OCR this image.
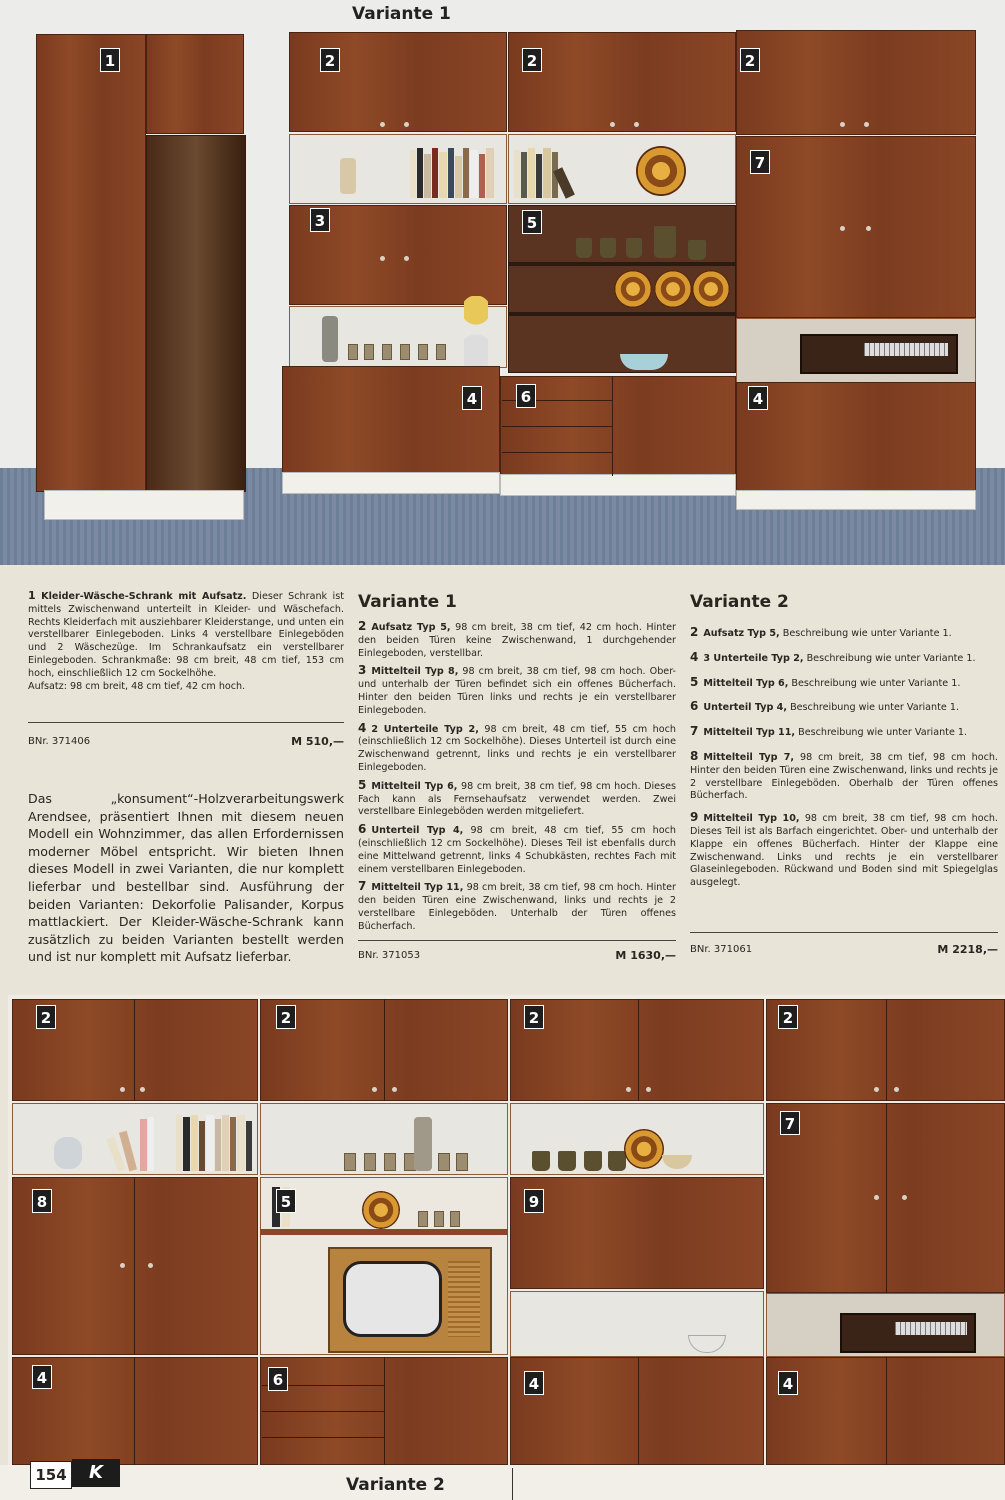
1	2	2	2
7
3	5
4	6	4
Variante 1
1 Kleider-Wäsche-Schrank mit Aufsatz. Dieser Schrank ist mittels Zwischenwand unterteilt in Kleider- und Wäschefach. Rechts Kleiderfach mit ausziehbarer Kleiderstange, und unten ein verstellbarer Einlegeboden. Links 4 verstellbare Einlegeböden und 2 Wäschezüge. Im Schrankaufsatz ein verstellbarer Einlegeboden. Schrankmaße: 98 cm breit, 48 cm tief, 153 cm hoch, einschließlich 12 cm Sockelhöhe.
Aufsatz: 98 cm breit, 48 cm tief, 42 cm hoch.
BNr. 371406	M 510,—
Das „konsument“-Holzverarbeitungswerk Arendsee, präsentiert Ihnen mit diesem neuen Modell ein Wohnzimmer, das allen Erfordernissen moderner Möbel entspricht. Wir bieten Ihnen dieses Modell in zwei Varianten, die nur komplett lieferbar und bestellbar sind. Ausführung der beiden Varianten: Dekorfolie Palisander, Korpus mattlackiert. Der Kleider-Wäsche-Schrank kann zusätzlich zu beiden Varianten bestellt werden und ist nur komplett mit Aufsatz lieferbar.
Variante 1
2 Aufsatz Typ 5, 98 cm breit, 38 cm tief, 42 cm hoch. Hinter den beiden Türen keine Zwischenwand, 1 durchgehender Einlegeboden, verstellbar.
3 Mittelteil Typ 8, 98 cm breit, 38 cm tief, 98 cm hoch. Ober- und unterhalb der Türen befindet sich ein offenes Bücherfach. Hinter den beiden Türen links und rechts je ein verstellbarer Einlegeboden.
4 2 Unterteile Typ 2, 98 cm breit, 48 cm tief, 55 cm hoch (einschließlich 12 cm Sockelhöhe). Dieses Unterteil ist durch eine Zwischenwand getrennt, links und rechts je ein verstellbarer Einlegeboden.
5 Mittelteil Typ 6, 98 cm breit, 38 cm tief, 98 cm hoch. Dieses Fach kann als Fernsehaufsatz verwendet werden. Zwei verstellbare Einlegeböden werden mitgeliefert.
6 Unterteil Typ 4, 98 cm breit, 48 cm tief, 55 cm hoch (einschließlich 12 cm Sockelhöhe). Dieses Teil ist ebenfalls durch eine Mittelwand getrennt, links 4 Schubkästen, rechtes Fach mit einem verstellbaren Einlegeboden.
7 Mittelteil Typ 11, 98 cm breit, 38 cm tief, 98 cm hoch. Hinter den beiden Türen eine Zwischenwand, links und rechts je 2 verstellbare Einlegeböden. Unterhalb der Türen offenes Bücherfach.
BNr. 371053	M 1630,—
Variante 2
2 Aufsatz Typ 5, Beschreibung wie unter Variante 1.
4 3 Unterteile Typ 2, Beschreibung wie unter Variante 1.
5 Mittelteil Typ 6, Beschreibung wie unter Variante 1.
6 Unterteil Typ 4, Beschreibung wie unter Variante 1.
7 Mittelteil Typ 11, Beschreibung wie unter Variante 1.
8 Mittelteil Typ 7, 98 cm breit, 38 cm tief, 98 cm hoch. Hinter den beiden Türen eine Zwischenwand, links und rechts je 2 verstellbare Einlegeböden. Oberhalb der Türen offenes Bücherfach.
9 Mittelteil Typ 10, 98 cm breit, 38 cm tief, 98 cm hoch. Dieses Teil ist als Barfach eingerichtet. Ober- und unterhalb der Klappe ein offenes Bücherfach. Hinter der Klappe eine Zwischenwand. Links und rechts je ein verstellbarer Glaseinlegeboden. Rückwand und Boden sind mit Spiegelglas ausgelegt.
BNr. 371061	M 2218,—
2	2	2	2
7
8	5	9
4	6	4	4
154	K
Variante 2
